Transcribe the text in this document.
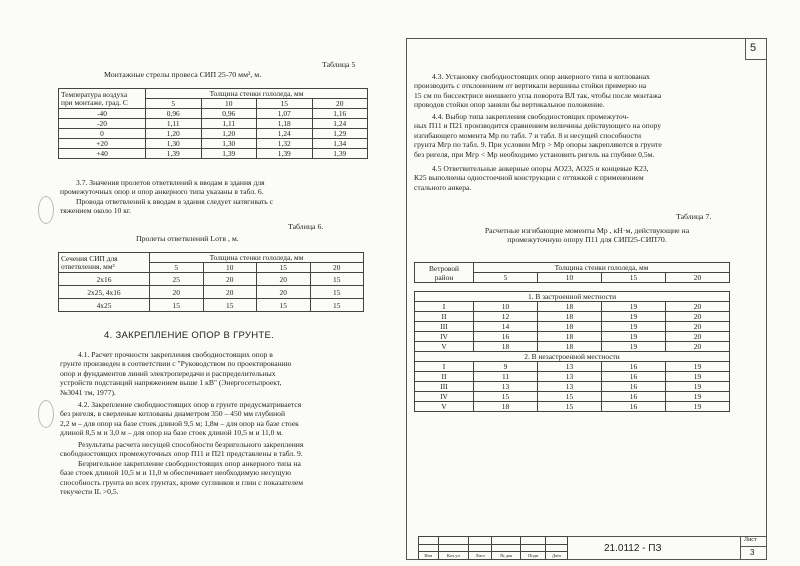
5
Таблица 5
Монтажные стрелы провеса СИП 25-70 мм², м.
Температура воздуха
при монтаже, град. С	Толщина стенки гололеда, мм			
	5	10	15	20
-40	0,96	0,96	1,07	1,16
-20	1,11	1,11	1,18	1,24
0	1,20	1,20	1,24	1,29
+20	1,30	1,30	1,32	1,34
+40	1,39	1,39	1,39	1,39
3.7. Значения пролетов ответвлений к вводам в здания для
промежуточных опор и опор анкерного типа указаны в табл. 6.
Провода ответвлений к вводам в здания следует натягивать с
тяжением около 10 кг.
Таблица 6.
Пролеты ответвлений Lотв , м.
Сечения СИП для
ответвления, мм²	Толщина стенки гололеда, мм			
	5	10	15	20
2x16	25	20	20	15
2x25, 4x16	20	20	20	15
4x25	15	15	15	15
4. ЗАКРЕПЛЕНИЕ ОПОР В ГРУНТЕ.
4.1. Расчет прочности закрепления свободностоящих опор в
грунте произведен в соответствии с "Руководством по проектированию
опор и фундаментов линий электропередачи и распределительных
устройств подстанций напряжением выше 1 кВ" (Энергосетьпроект,
№3041 тм, 1977).
4.2. Закрепление свободностоящих опор в грунте предусматривается
без ригеля, в сверленые котлованы диаметром 350 – 450 мм глубиной
2,2 м – для опор на базе стоек длиной 9,5 м; 1,8м – для опор на базе стоек
длиной 8,5 м и 3,0 м – для опор на базе стоек длиной 10,5 м и 11,0 м.
Результаты расчета несущей способности безригельного закрепления
свободностоящих промежуточных опор П11 и П21 представлены в табл. 9.
Безригельное закрепление свободностоящих опор анкерного типа на
базе стоек длиной 10,5 м и 11,0 м обеспечивает необходимую несущую
способность грунта во всех грунтах, кроме суглинков и глин с показателем
текучести IL >0,5.
4.3. Установку свободностоящих опор анкерного типа в котлованах
производить с отклонением от вертикали вершины стойки примерно на
15 см по биссектрисе внешнего угла поворота ВЛ так, чтобы после монтажа
проводов стойки опор заняли бы вертикальное положение.
4.4. Выбор типа закрепления свободностоящих промежуточ-
ных П11 и П21 производится сравнением величины действующего на опору
изгибающего момента Мр по табл. 7 и табл. 8 и несущей способности
грунта Мгр по табл. 9. При условии Мгр > Мр опоры закрепляются в грунте
без ригеля, при Мгр < Мр необходимо установить ригель на глубине 0,5м.
4.5 Ответвительные анкерные опоры АО23, АО25 и концевые К23,
К25 выполнены одностоечной конструкции с оттяжкой с применением
стального анкера.
Таблица 7.
Расчетные изгибающие моменты Мр , кН·м, действующие на
промежуточную опору П11 для СИП25-СИП70.
Ветровой
район	Толщина стенки гололеда, мм			
	5	10	15	20

1. В застроенной местности				
I	10	18	19	20
II	12	18	19	20
III	14	18	19	20
IV	16	18	19	20
V	18	18	19	20
2. В незастроенной местности				
I	9	13	16	19
II	11	13	16	19
III	13	13	16	19
IV	15	15	16	19
V	18	15	16	19

Изм	Кол.уч	Лист	№ док	Подп	Дата
21.0112 - ПЗ
Лист
3
